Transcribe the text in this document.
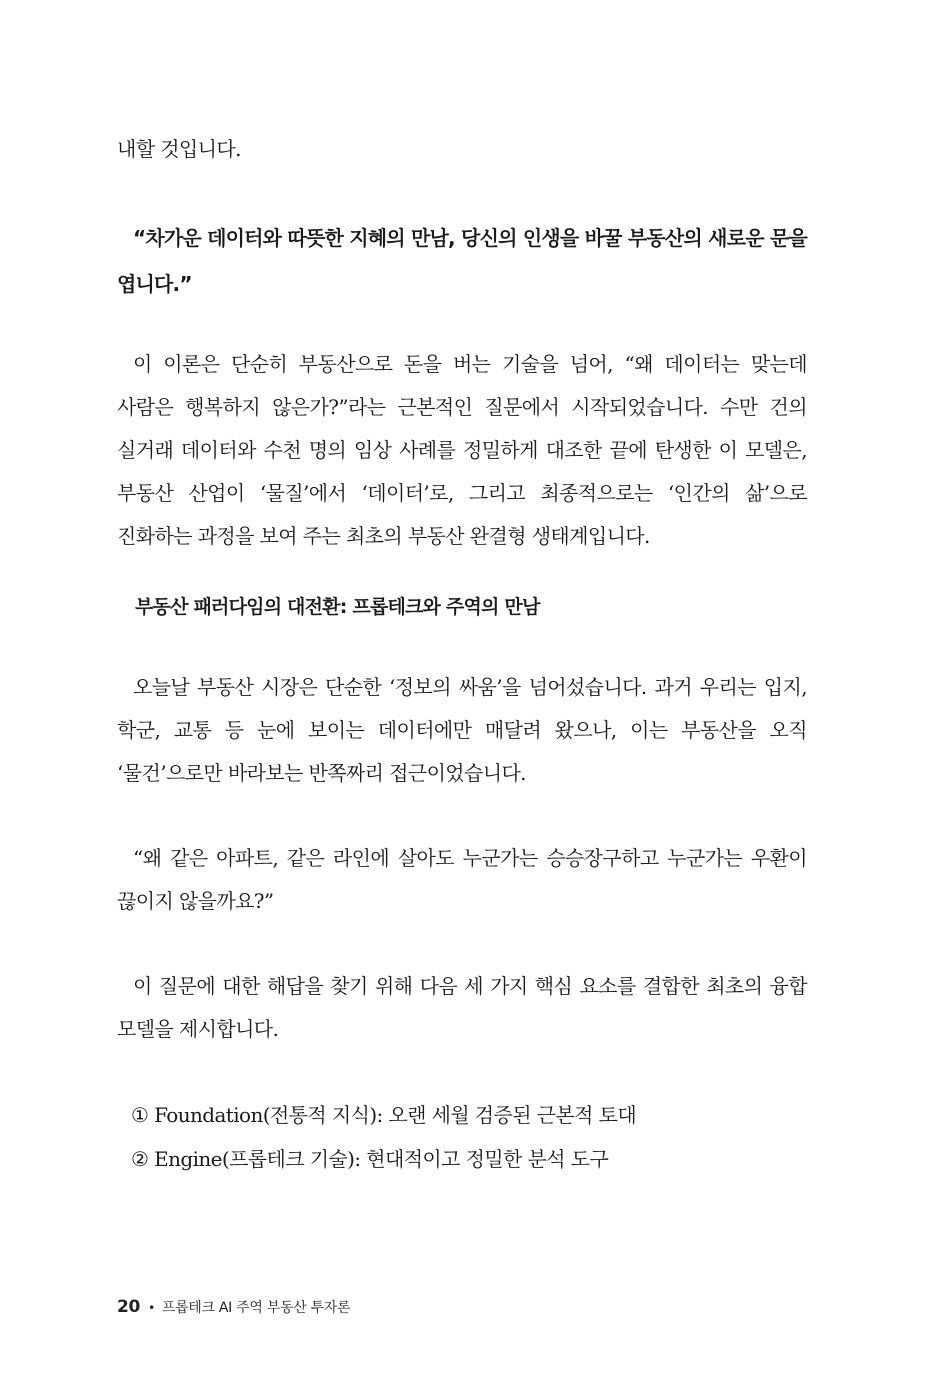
내할 것입니다.

“차가운 데이터와 따뜻한 지혜의 만남, 당신의 인생을 바꿀 부동산의 새로운 문을 엽니다.”

이 이론은 단순히 부동산으로 돈을 버는 기술을 넘어, “왜 데이터는 맞는데 사람은 행복하지 않은가?”라는 근본적인 질문에서 시작되었습니다. 수만 건의 실거래 데이터와 수천 명의 임상 사례를 정밀하게 대조한 끝에 탄생한 이 모델은, 부동산 산업이 ‘물질’에서 ‘데이터’로, 그리고 최종적으로는 ‘인간의 삶’으로 진화하는 과정을 보여 주는 최초의 부동산 완결형 생태계입니다.

부동산 패러다임의 대전환: 프롭테크와 주역의 만남

오늘날 부동산 시장은 단순한 ‘정보의 싸움’을 넘어섰습니다. 과거 우리는 입지, 학군, 교통 등 눈에 보이는 데이터에만 매달려 왔으나, 이는 부동산을 오직 ‘물건’으로만 바라보는 반쪽짜리 접근이었습니다.

“왜 같은 아파트, 같은 라인에 살아도 누군가는 승승장구하고 누군가는 우환이 끊이지 않을까요?”

이 질문에 대한 해답을 찾기 위해 다음 세 가지 핵심 요소를 결합한 최초의 융합 모델을 제시합니다.

① Foundation(전통적 지식): 오랜 세월 검증된 근본적 토대

② Engine(프롭테크 기술): 현대적이고 정밀한 분석 도구

20 • 프롭테크 AI 주역 부동산 투자론
